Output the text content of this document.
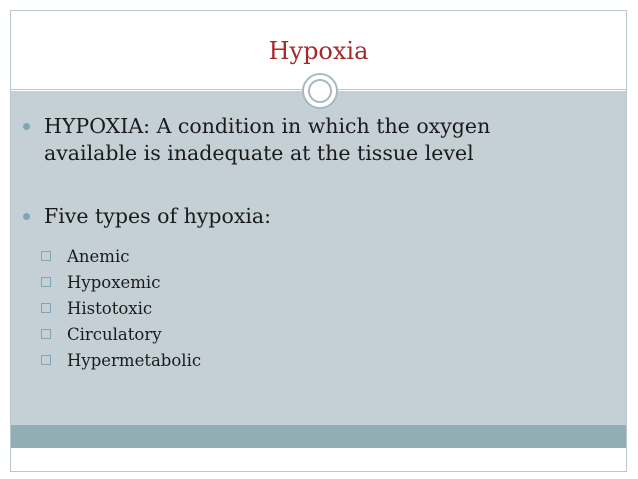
Hypoxia
HYPOXIA: A condition in which the oxygen available is inadequate at the tissue level
Five types of hypoxia:
Anemic
Hypoxemic
Histotoxic
Circulatory
Hypermetabolic
